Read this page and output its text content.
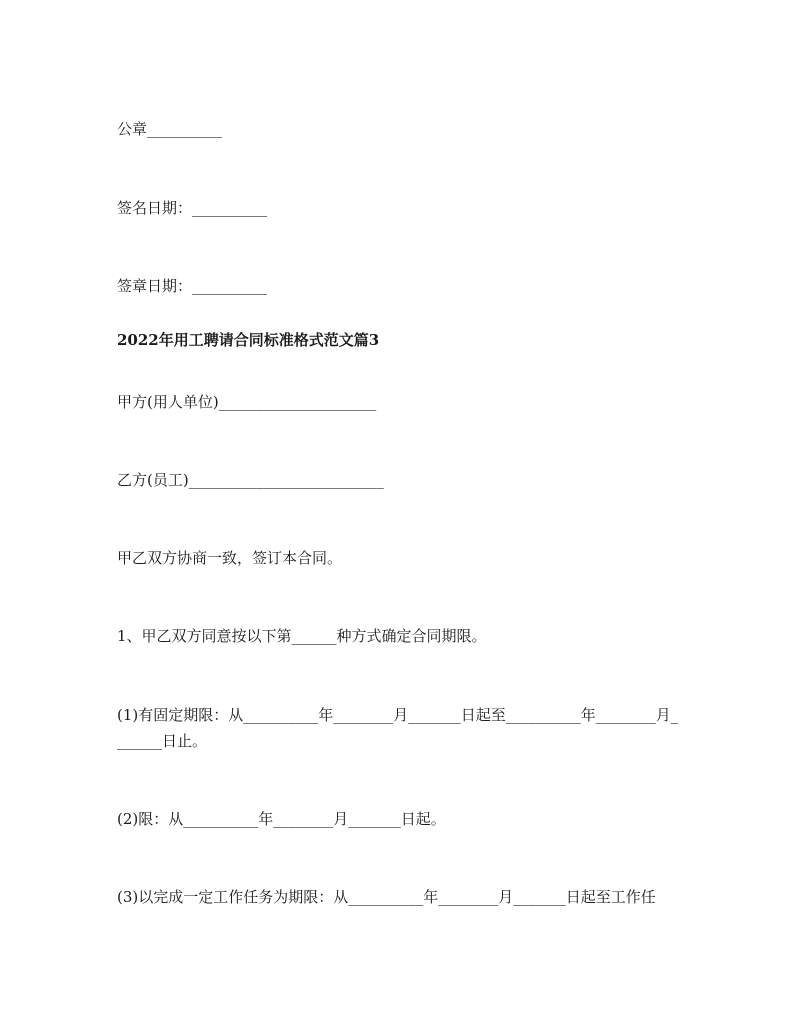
公章__________
签名日期：__________
签章日期：__________
2022年用工聘请合同标准格式范文篇3
甲方(用人单位)_____________________
乙方(员工)__________________________
甲乙双方协商一致，签订本合同。
1、甲乙双方同意按以下第______种方式确定合同期限。
(1)有固定期限：从__________年________月_______日起至__________年________月_______日止。
(2)限：从__________年________月_______日起。
(3)以完成一定工作任务为期限：从__________年________月_______日起至工作任
